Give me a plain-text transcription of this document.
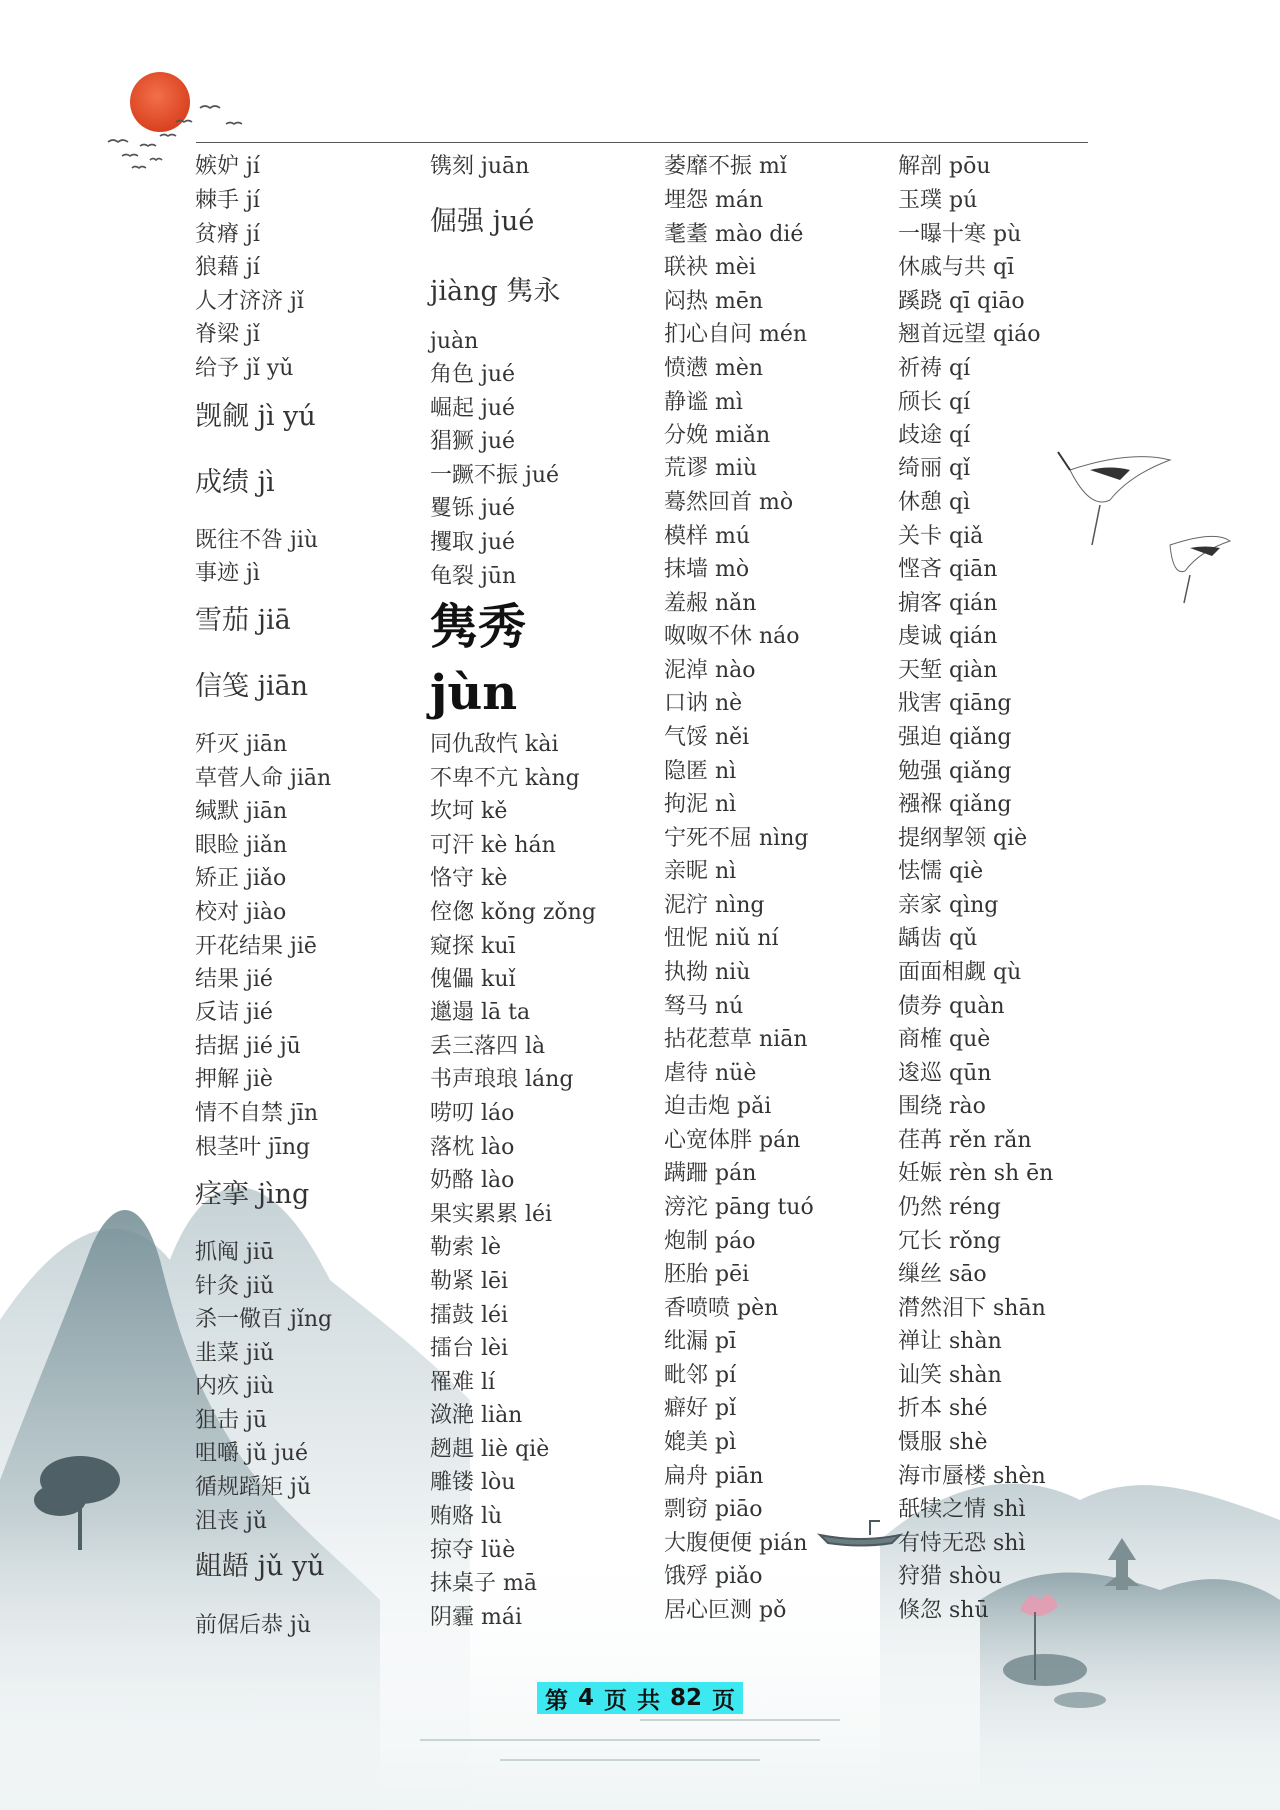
嫉妒 jí
棘手 jí
贫瘠 jí
狼藉 jí
人才济济 jǐ
脊梁 jǐ
给予 jǐ yǔ
觊觎 jì yú
成绩 jì
既往不咎 jiù
事迹 jì
雪茄 jiā
信笺 jiān
歼灭 jiān
草菅人命 jiān
缄默 jiān
眼睑 jiǎn
矫正 jiǎo
校对 jiào
开花结果 jiē
结果 jié
反诘 jié
拮据 jié jū
押解 jiè
情不自禁 jīn
根茎叶 jīng
痉挛 jìng
抓阄 jiū
针灸 jiǔ
杀一儆百 jǐng
韭菜 jiǔ
内疚 jiù
狙击 jū
咀嚼 jǔ jué
循规蹈矩 jǔ
沮丧 jǔ
龃龉 jǔ yǔ
前倨后恭 jù
镌刻 juān
倔强 jué
jiàng 隽永
juàn
角色 jué
崛起 jué
猖獗 jué
一蹶不振 jué
矍铄 jué
攫取 jué
龟裂 jūn
隽秀
jùn
同仇敌忾 kài
不卑不亢 kàng
坎坷 kě
可汗 kè hán
恪守 kè
倥偬 kǒng zǒng
窥探 kuī
傀儡 kuǐ
邋遢 lā ta
丢三落四 là
书声琅琅 láng
唠叨 láo
落枕 lào
奶酪 lào
果实累累 léi
勒索 lè
勒紧 lēi
擂鼓 léi
擂台 lèi
罹难 lí
潋滟 liàn
趔趄 liè qiè
雕镂 lòu
贿赂 lù
掠夺 lüè
抹桌子 mā
阴霾 mái
萎靡不振 mǐ
埋怨 mán
耄耋 mào dié
联袂 mèi
闷热 mēn
扪心自问 mén
愤懑 mèn
静谧 mì
分娩 miǎn
荒谬 miù
蓦然回首 mò
模样 mú
抹墙 mò
羞赧 nǎn
呶呶不休 náo
泥淖 nào
口讷 nè
气馁 něi
隐匿 nì
拘泥 nì
宁死不屈 nìng
亲昵 nì
泥泞 nìng
忸怩 niǔ ní
执拗 niù
驽马 nú
拈花惹草 niān
虐待 nüè
迫击炮 pǎi
心宽体胖 pán
蹒跚 pán
滂沱 pāng tuó
炮制 páo
胚胎 pēi
香喷喷 pèn
纰漏 pī
毗邻 pí
癖好 pǐ
媲美 pì
扁舟 piān
剽窃 piāo
大腹便便 pián
饿殍 piǎo
居心叵测 pǒ
解剖 pōu
玉璞 pú
一曝十寒 pù
休戚与共 qī
蹊跷 qī qiāo
翘首远望 qiáo
祈祷 qí
颀长 qí
歧途 qí
绮丽 qǐ
休憩 qì
关卡 qiǎ
悭吝 qiān
掮客 qián
虔诚 qián
天堑 qiàn
戕害 qiāng
强迫 qiǎng
勉强 qiǎng
襁褓 qiǎng
提纲挈领 qiè
怯懦 qiè
亲家 qìng
龋齿 qǔ
面面相觑 qù
债券 quàn
商榷 què
逡巡 qūn
围绕 rào
荏苒 rěn rǎn
妊娠 rèn sh ēn
仍然 réng
冗长 rǒng
缫丝 sāo
潸然泪下 shān
禅让 shàn
讪笑 shàn
折本 shé
慑服 shè
海市蜃楼 shèn
舐犊之情 shì
有恃无恐 shì
狩猎 shòu
倏忽 shū
第 4 页 共 82 页
